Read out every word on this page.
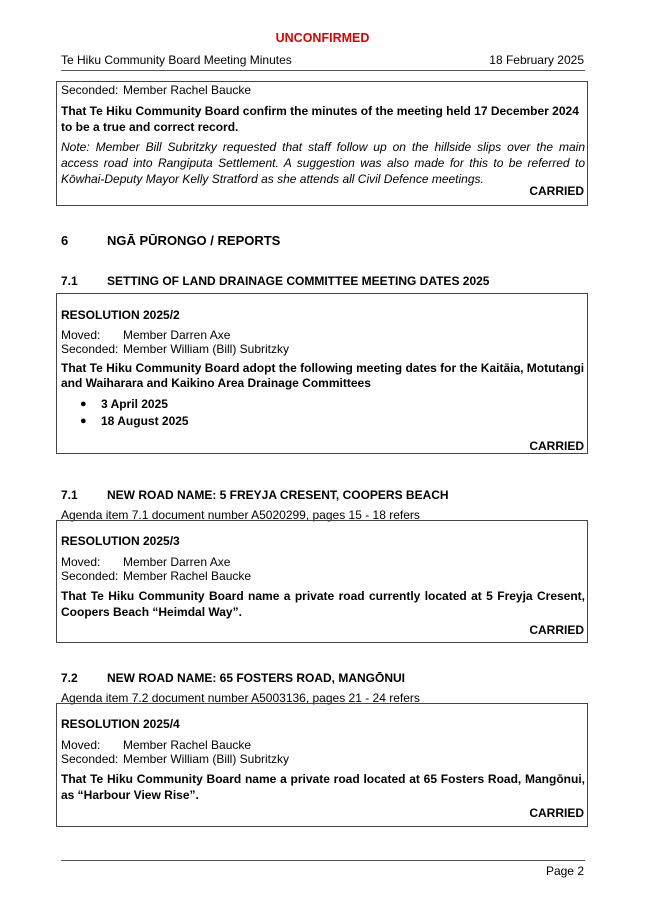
UNCONFIRMED
Te Hiku Community Board Meeting Minutes	18 February 2025
Seconded: Member Rachel Baucke
That Te Hiku Community Board confirm the minutes of the meeting held 17 December 2024
to be a true and correct record.
Note: Member Bill Subritzky requested that staff follow up on the hillside slips over the main access road into Rangiputa Settlement. A suggestion was also made for this to be referred to Kōwhai-Deputy Mayor Kelly Stratford as she attends all Civil Defence meetings.
CARRIED
6	NGĀ PŪRONGO / REPORTS
7.1 SETTING OF LAND DRAINAGE COMMITTEE MEETING DATES 2025
RESOLUTION 2025/2
Moved: Member Darren Axe
Seconded: Member William (Bill) Subritzky
That Te Hiku Community Board adopt the following meeting dates for the Kaitāia, Motutangi
and Waiharara and Kaikino Area Drainage Committees
● 3 April 2025
● 18 August 2025
CARRIED
7.1 NEW ROAD NAME: 5 FREYJA CRESENT, COOPERS BEACH
Agenda item 7.1 document number A5020299, pages 15 - 18 refers
RESOLUTION 2025/3
Moved: Member Darren Axe
Seconded: Member Rachel Baucke
That Te Hiku Community Board name a private road currently located at 5 Freyja Cresent, Coopers Beach “Heimdal Way”.
CARRIED
7.2 NEW ROAD NAME: 65 FOSTERS ROAD, MANGŌNUI
Agenda item 7.2 document number A5003136, pages 21 - 24 refers
RESOLUTION 2025/4
Moved: Member Rachel Baucke
Seconded: Member William (Bill) Subritzky
That Te Hiku Community Board name a private road located at 65 Fosters Road, Mangōnui, as “Harbour View Rise”.
CARRIED
Page 2
